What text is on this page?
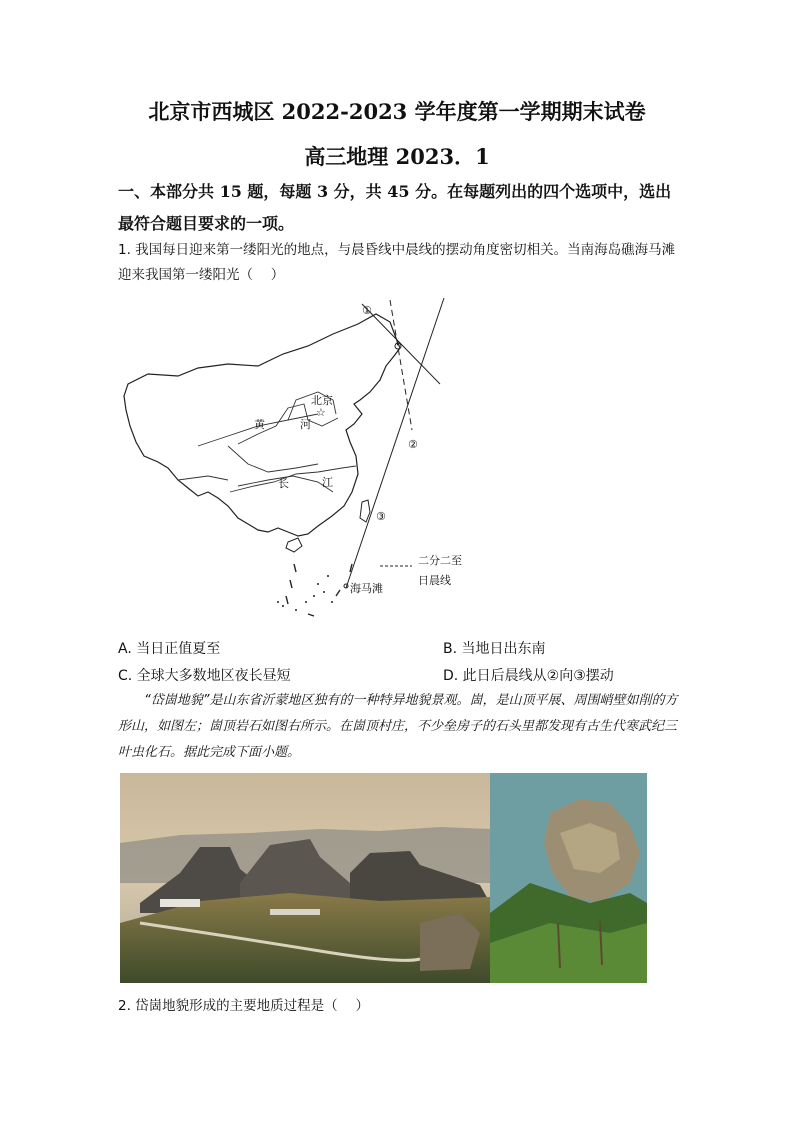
北京市西城区 2022-2023 学年度第一学期期末试卷
高三地理 2023．1
一、本部分共 15 题，每题 3 分，共 45 分。在每题列出的四个选项中，选出最符合题目要求的一项。
1. 我国每日迎来第一缕阳光的地点，与晨昏线中晨线的摆动角度密切相关。当南海岛礁海马滩迎来我国第一缕阳光（　 ）
①
②
③
北京
☆
黄	河
长	江
海马滩
二分二至
日晨线
A. 当日正值夏至	B. 当地日出东南
C. 全球大多数地区夜长昼短	D. 此日后晨线从②向③摆动
“岱崮地貌”是山东省沂蒙地区独有的一种特异地貌景观。崮，是山顶平展、周围峭壁如削的方形山，如图左；崮顶岩石如图右所示。在崮顶村庄，不少垒房子的石头里都发现有古生代寒武纪三叶虫化石。据此完成下面小题。
2. 岱崮地貌形成的主要地质过程是（　 ）
